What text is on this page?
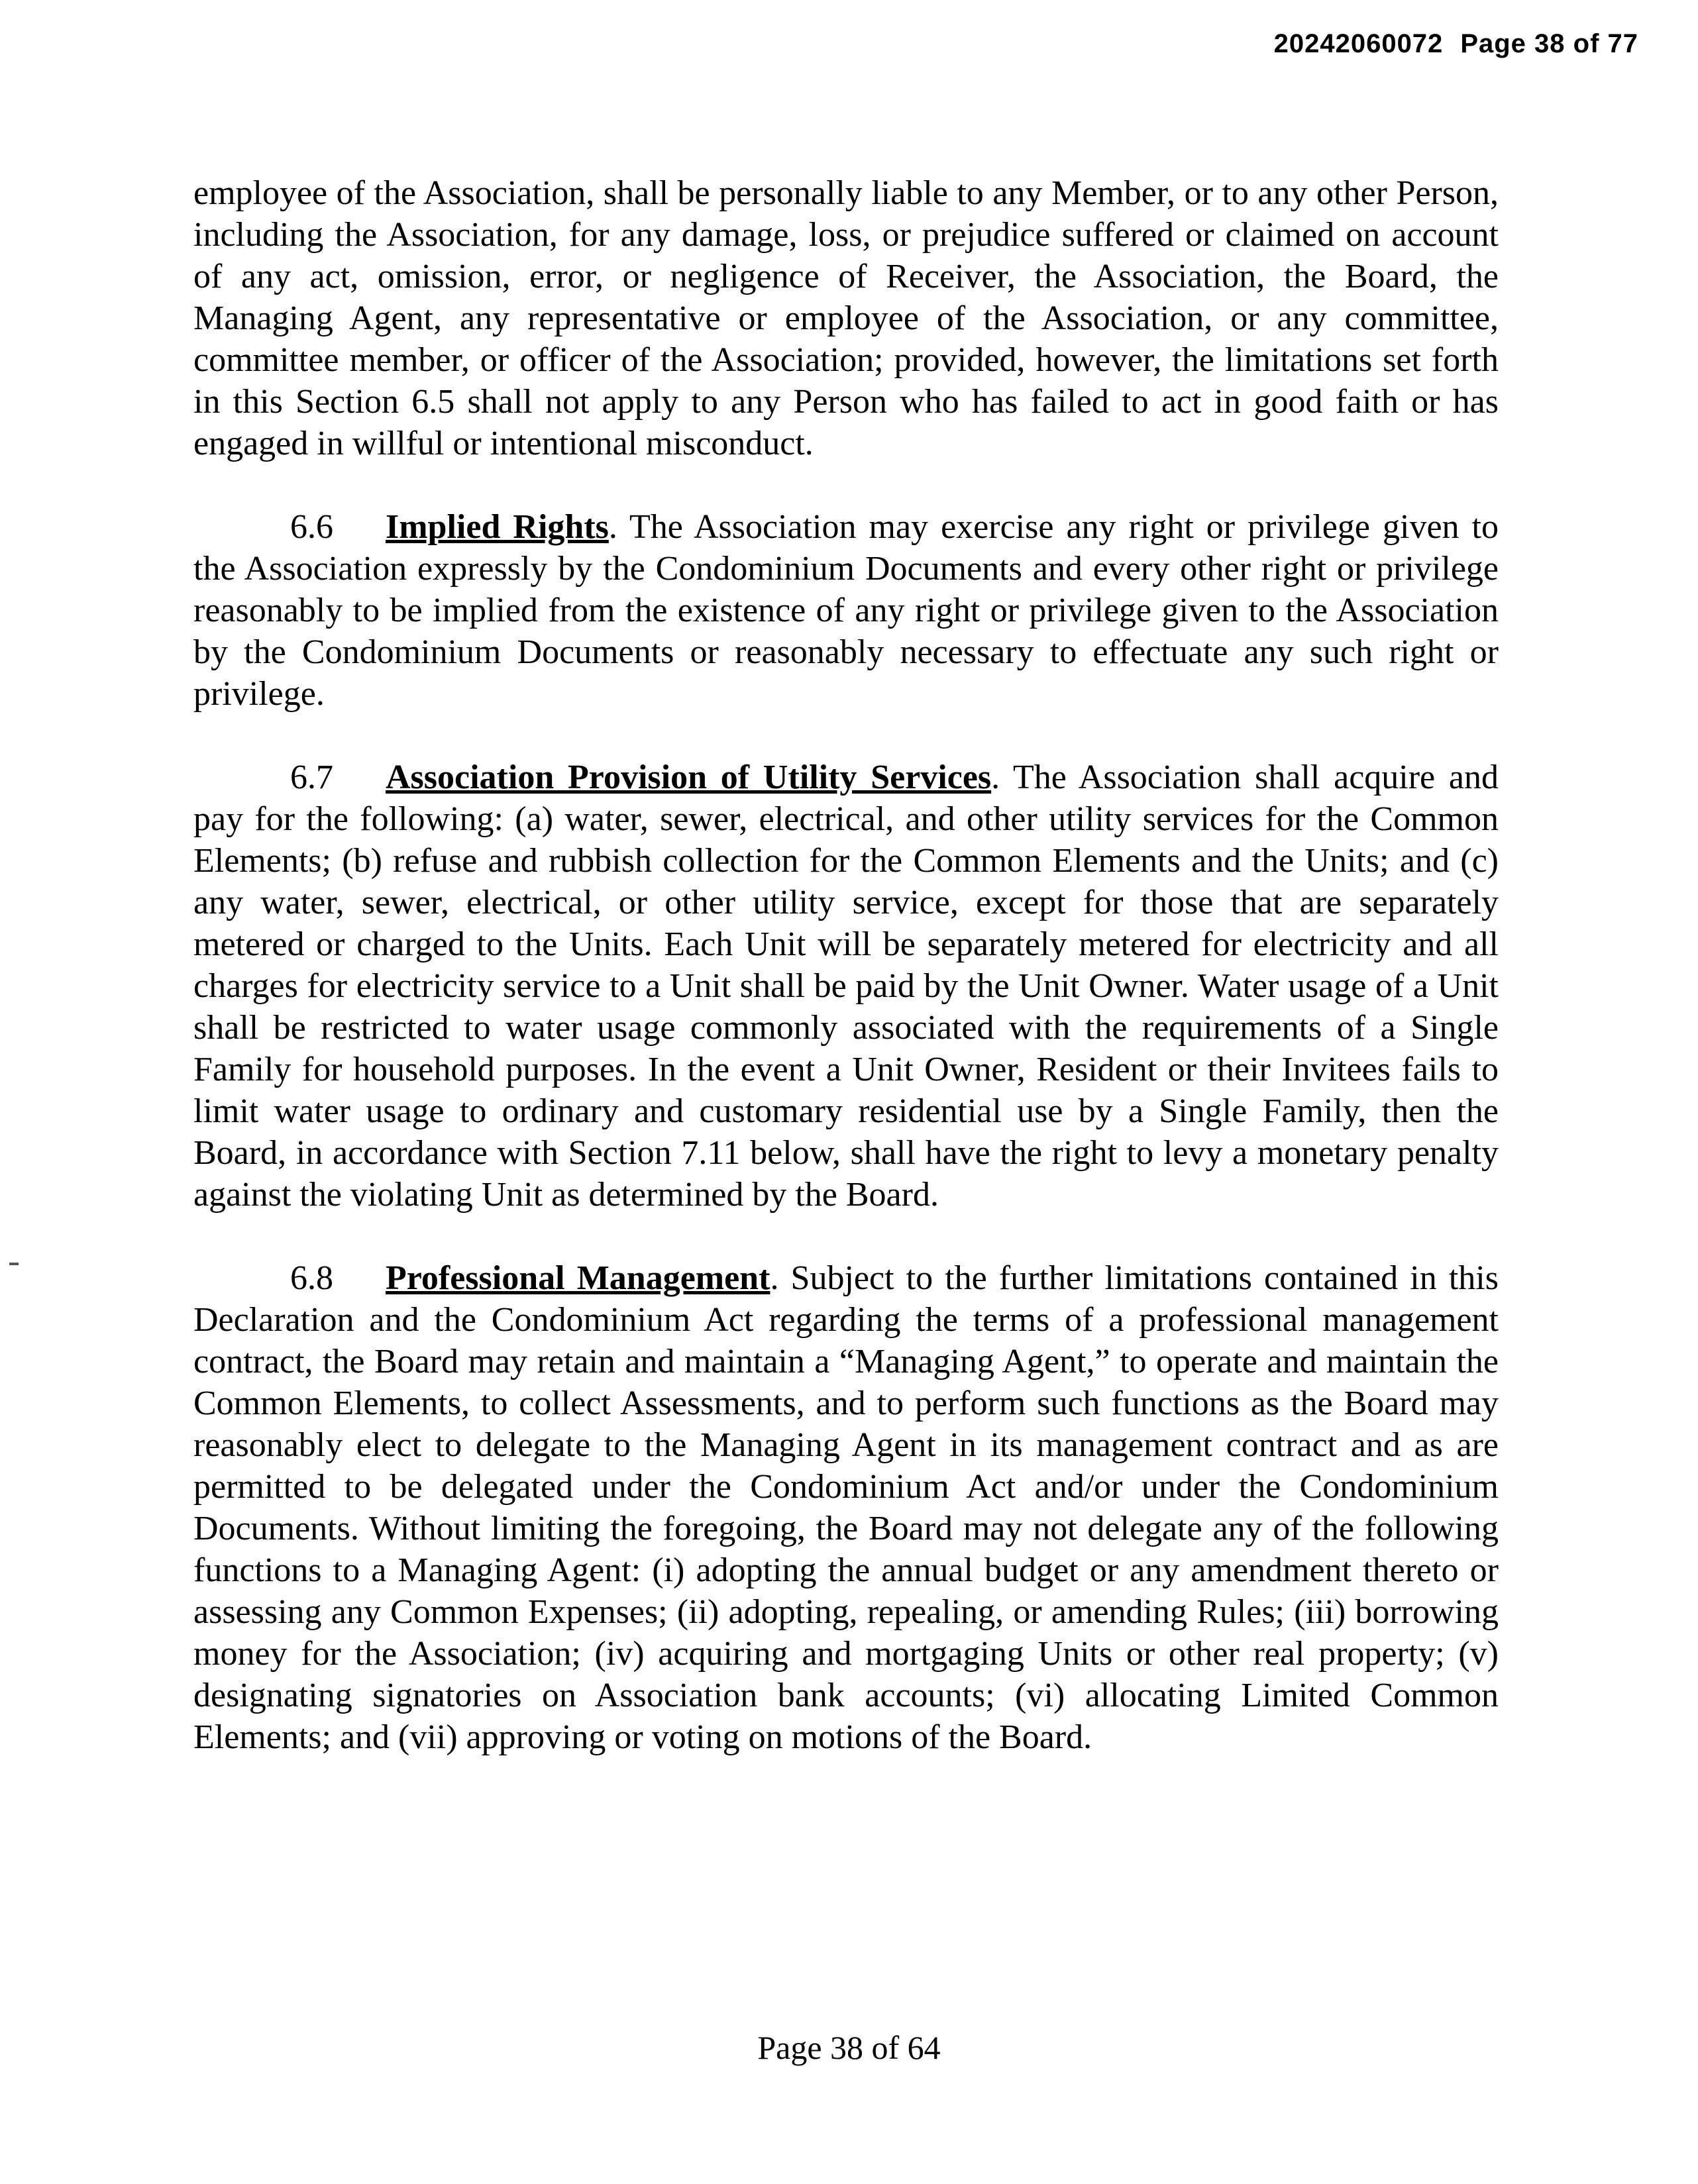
20242060072 Page 38 of 77

employee of the Association, shall be personally liable to any Member, or to any other Person, including the Association, for any damage, loss, or prejudice suffered or claimed on account of any act, omission, error, or negligence of Receiver, the Association, the Board, the Managing Agent, any representative or employee of the Association, or any committee, committee member, or officer of the Association; provided, however, the limitations set forth in this Section 6.5 shall not apply to any Person who has failed to act in good faith or has engaged in willful or intentional misconduct.

6.6 Implied Rights. The Association may exercise any right or privilege given to the Association expressly by the Condominium Documents and every other right or privilege reasonably to be implied from the existence of any right or privilege given to the Association by the Condominium Documents or reasonably necessary to effectuate any such right or privilege.

6.7 Association Provision of Utility Services. The Association shall acquire and pay for the following: (a) water, sewer, electrical, and other utility services for the Common Elements; (b) refuse and rubbish collection for the Common Elements and the Units; and (c) any water, sewer, electrical, or other utility service, except for those that are separately metered or charged to the Units. Each Unit will be separately metered for electricity and all charges for electricity service to a Unit shall be paid by the Unit Owner. Water usage of a Unit shall be restricted to water usage commonly associated with the requirements of a Single Family for household purposes. In the event a Unit Owner, Resident or their Invitees fails to limit water usage to ordinary and customary residential use by a Single Family, then the Board, in accordance with Section 7.11 below, shall have the right to levy a monetary penalty against the violating Unit as determined by the Board.

6.8 Professional Management. Subject to the further limitations contained in this Declaration and the Condominium Act regarding the terms of a professional management contract, the Board may retain and maintain a “Managing Agent,” to operate and maintain the Common Elements, to collect Assessments, and to perform such functions as the Board may reasonably elect to delegate to the Managing Agent in its management contract and as are permitted to be delegated under the Condominium Act and/or under the Condominium Documents. Without limiting the foregoing, the Board may not delegate any of the following functions to a Managing Agent: (i) adopting the annual budget or any amendment thereto or assessing any Common Expenses; (ii) adopting, repealing, or amending Rules; (iii) borrowing money for the Association; (iv) acquiring and mortgaging Units or other real property; (v) designating signatories on Association bank accounts; (vi) allocating Limited Common Elements; and (vii) approving or voting on motions of the Board.

Page 38 of 64
